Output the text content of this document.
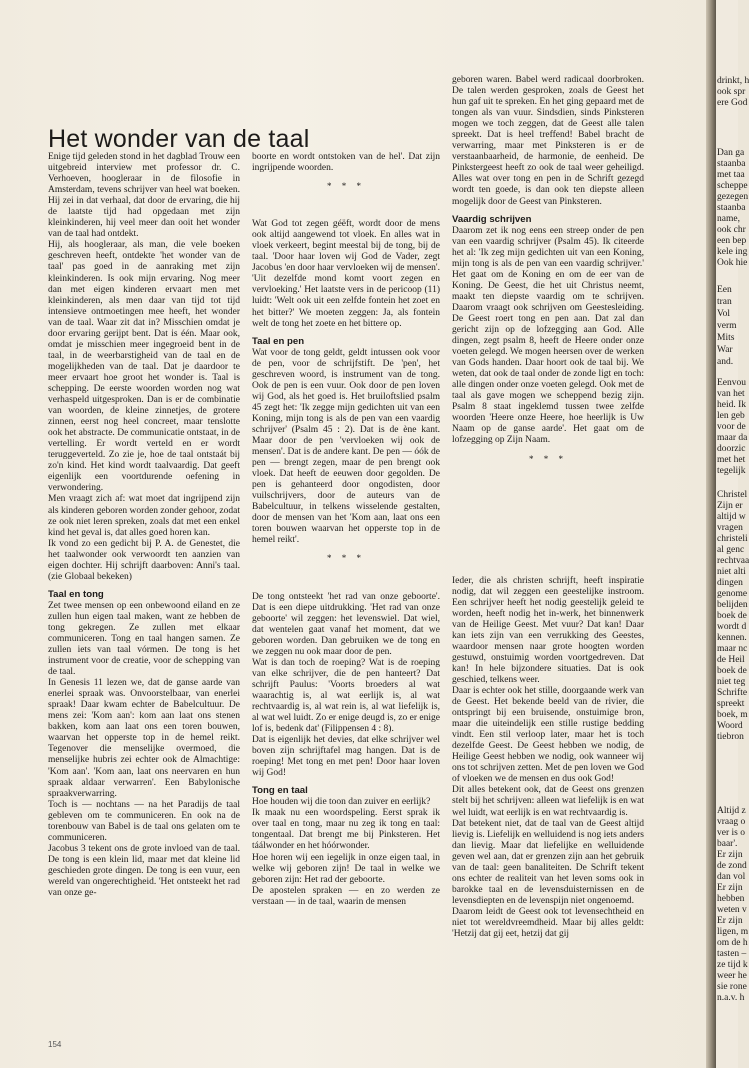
Het wonder van de taal

Enige tijd geleden stond in het dagblad Trouw een uitgebreid interview met professor dr. C. Verhoeven, hoogleraar in de filosofie in Amsterdam, tevens schrijver van heel wat boeken. Hij zei in dat verhaal, dat door de ervaring, die hij de laatste tijd had opgedaan met zijn kleinkinderen, hij veel meer dan ooit het wonder van de taal had ontdekt.

Hij, als hoogleraar, als man, die vele boeken geschreven heeft, ontdekte 'het wonder van de taal' pas goed in de aanraking met zijn kleinkinderen. Is ook mijn ervaring. Nog meer dan met eigen kinderen ervaart men met kleinkinderen, als men daar van tijd tot tijd intensieve ontmoetingen mee heeft, het wonder van de taal. Waar zit dat in? Misschien omdat je door ervaring gerijpt bent. Dat is één. Maar ook, omdat je misschien meer ingegroeid bent in de taal, in de weerbarstigheid van de taal en de mogelijkheden van de taal. Dat je daardoor te meer ervaart hoe groot het wonder is. Taal is schepping. De eerste woorden worden nog wat verhaspeld uitgesproken. Dan is er de combinatie van woorden, de kleine zinnetjes, de grotere zinnen, eerst nog heel concreet, maar tenslotte ook het abstracte. De communicatie ontstaat, in de vertelling. Er wordt verteld en er wordt teruggeverteld. Zo zie je, hoe de taal ontstaát bij zo'n kind. Het kind wordt taalvaardig. Dat geeft eigenlijk een voortdurende oefening in verwondering.

Men vraagt zich af: wat moet dat ingrijpend zijn als kinderen geboren worden zonder gehoor, zodat ze ook niet leren spreken, zoals dat met een enkel kind het geval is, dat alles goed horen kan.

Ik vond zo een gedicht bij P. A. de Genestet, die het taalwonder ook verwoordt ten aanzien van eigen dochter. Hij schrijft daarboven: Anni's taal. (zie Globaal bekeken)

Taal en tong

Zet twee mensen op een onbewoond eiland en ze zullen hun eigen taal maken, want ze hebben de tong gekregen. Ze zullen met elkaar communiceren. Tong en taal hangen samen. Ze zullen iets van taal vórmen. De tong is het instrument voor de creatie, voor de schepping van de taal.

In Genesis 11 lezen we, dat de ganse aarde van enerlei spraak was. Onvoorstelbaar, van enerlei spraak! Daar kwam echter de Babelcultuur. De mens zei: 'Kom aan': kom aan laat ons stenen bakken, kom aan laat ons een toren bouwen, waarvan het opperste top in de hemel reikt. Tegenover die menselijke overmoed, die menselijke hubris zei echter ook de Almachtige: 'Kom aan'. 'Kom aan, laat ons neervaren en hun spraak aldaar verwarren'. Een Babylonische spraakverwarring.

Toch is — nochtans — na het Paradijs de taal gebleven om te communiceren. En ook na de torenbouw van Babel is de taal ons gelaten om te communiceren.

Jacobus 3 tekent ons de grote invloed van de taal. De tong is een klein lid, maar met dat kleine lid geschieden grote dingen. De tong is een vuur, een wereld van ongerechtigheid. 'Het ontsteekt het rad van onze ge-

boorte en wordt ontstoken van de hel'. Dat zijn ingrijpende woorden.

* * *

Wat God tot zegen géëft, wordt door de mens ook altijd aangewend tot vloek. En alles wat in vloek verkeert, begint meestal bij de tong, bij de taal. 'Door haar loven wij God de Vader, zegt Jacobus 'en door haar vervloeken wij de mensen'. 'Uit dezelfde mond komt voort zegen en vervloeking.' Het laatste vers in de pericoop (11) luidt: 'Welt ook uit een zelfde fontein het zoet en het bitter?' We moeten zeggen: Ja, als fontein welt de tong het zoete en het bittere op.

Taal en pen

Wat voor de tong geldt, geldt intussen ook voor de pen, voor de schrijfstift. De 'pen', het geschreven woord, is instrument van de tong. Ook de pen is een vuur. Ook door de pen loven wij God, als het goed is. Het bruiloftslied psalm 45 zegt het: 'Ik zegge mijn gedichten uit van een Koning, mijn tong is als de pen van een vaardig schrijver' (Psalm 45 : 2). Dat is de ène kant. Maar door de pen 'vervloeken wij ook de mensen'. Dat is de andere kant. De pen — óók de pen — brengt zegen, maar de pen brengt ook vloek. Dat heeft de eeuwen door gegolden. De pen is gehanteerd door ongodisten, door vuilschrijvers, door de auteurs van de Babelcultuur, in telkens wisselende gestalten, door de mensen van het 'Kom aan, laat ons een toren bouwen waarvan het opperste top in de hemel reikt'.

* * *

De tong ontsteekt 'het rad van onze geboorte'. Dat is een diepe uitdrukking. 'Het rad van onze geboorte' wil zeggen: het levenswiel. Dat wiel, dat wentelen gaat vanaf het moment, dat we geboren worden. Dan gebruiken we de tong en we zeggen nu ook maar door de pen.

Wat is dan toch de roeping? Wat is de roeping van elke schrijver, die de pen hanteert? Dat schrijft Paulus: 'Voorts broeders al wat waarachtig is, al wat eerlijk is, al wat rechtvaardig is, al wat rein is, al wat liefelijk is, al wat wel luidt. Zo er enige deugd is, zo er enige lof is, bedenk dat' (Filippensen 4 : 8).

Dat is eigenlijk het devies, dat elke schrijver wel boven zijn schrijftafel mag hangen. Dat is de roeping! Met tong en met pen! Door haar loven wij God!

Tong en taal

Hoe houden wij die toon dan zuiver en eerlijk?

Ik maak nu een woordspeling. Eerst sprak ik over taal en tong, maar nu zeg ik tong en taal: tongentaal. Dat brengt me bij Pinksteren. Het táálwonder en het hóórwonder.

Hoe horen wij een iegelijk in onze eigen taal, in welke wij geboren zijn! De taal in welke we geboren zijn: Het rad der geboorte.

De apostelen spraken — en zo werden ze verstaan — in de taal, waarin de mensen

geboren waren. Babel werd radicaal doorbroken. De talen werden gesproken, zoals de Geest het hun gaf uit te spreken. En het ging gepaard met de tongen als van vuur. Sindsdien, sinds Pinksteren mogen we toch zeggen, dat de Geest alle talen spreekt. Dat is heel treffend! Babel bracht de verwarring, maar met Pinksteren is er de verstaanbaarheid, de harmonie, de eenheid. De Pinkstergeest heeft zo ook de taal weer geheiligd. Alles wat over tong en pen in de Schrift gezegd wordt ten goede, is dan ook ten diepste alleen mogelijk door de Geest van Pinksteren.

Vaardig schrijven

Daarom zet ik nog eens een streep onder de pen van een vaardig schrijver (Psalm 45). Ik citeerde het al: 'Ik zeg mijn gedichten uit van een Koning, mijn tong is als de pen van een vaardig schrijver.' Het gaat om de Koning en om de eer van de Koning. De Geest, die het uit Christus neemt, maakt ten diepste vaardig om te schrijven. Daarom vraagt ook schrijven om Geestesleiding. De Geest roert tong en pen aan. Dat zal dan gericht zijn op de lofzegging aan God. Alle dingen, zegt psalm 8, heeft de Heere onder onze voeten gelegd. We mogen heersen over de werken van Gods handen. Daar hoort ook de taal bij. We weten, dat ook de taal onder de zonde ligt en toch: alle dingen onder onze voeten gelegd. Ook met de taal als gave mogen we scheppend bezig zijn. Psalm 8 staat ingeklemd tussen twee zelfde woorden 'Heere onze Heere, hoe heerlijk is Uw Naam op de ganse aarde'. Het gaat om de lofzegging op Zijn Naam.

* * *

Ieder, die als christen schrijft, heeft inspiratie nodig, dat wil zeggen een geestelijke instroom. Een schrijver heeft het nodig geestelijk geleid te worden, heeft nodig het in-werk, het binnenwerk van de Heilige Geest. Met vuur? Dat kan! Daar kan iets zijn van een verrukking des Geestes, waardoor mensen naar grote hoogten worden gestuwd, onstuimig worden voortgedreven. Dat kan! In hele bijzondere situaties. Dat is ook geschied, telkens weer.

Daar is echter ook het stille, doorgaande werk van de Geest. Het bekende beeld van de rivier, die ontspringt bij een bruisende, onstuimige bron, maar die uiteindelijk een stille rustige bedding vindt. Een stil verloop later, maar het is toch dezelfde Geest. De Geest hebben we nodig, de Heilige Geest hebben we nodig, ook wanneer wij ons tot schrijven zetten. Met de pen loven we God of vloeken we de mensen en dus ook God!

Dit alles betekent ook, dat de Geest ons grenzen stelt bij het schrijven: alleen wat liefelijk is en wat wel luidt, wat eerlijk is en wat rechtvaardig is.

Dat betekent niet, dat de taal van de Geest altijd lievig is. Liefelijk en welluidend is nog iets anders dan lievig. Maar dat liefelijke en welluidende geven wel aan, dat er grenzen zijn aan het gebruik van de taal: geen banaliteiten. De Schrift tekent ons echter de realiteit van het leven soms ook in barokke taal en de levensduisternissen en de levensdiepten en de levenspijn niet ongenoemd.

Daarom leidt de Geest ook tot levensechtheid en niet tot wereldvreemdheid. Maar bij alles geldt: 'Hetzij dat gij eet, hetzij dat gij

154
drinkt, h
ook spr
ere God
Dan ga
staanba
met taa
scheppe
gezegen
staanba
name,
ook chr
een bep
kele ing
Ook hie
Een
tran
Vol
verm
Mits
War
and.
Eenvou
van het
heid. Ik
len geb
voor de
maar da
doorzic
met het
tegelijk
Christel
Zijn er
altijd w
vragen
christeli
al genc
rechtvaa
niet alti
dingen
genome
belijden
boek de
wordt d
kennen.
maar nc
de Heil
boek de
niet teg
Schrifte
spreekt
boek, m
Woord
tiebron
Altijd z
vraag o
ver is o
baar'.
Er zijn
de zond
dan vol
Er zijn
hebben
weten v
Er zijn
ligen, m
om de h
tasten –
ze tijd k
weer he
sie rone
n.a.v. h
